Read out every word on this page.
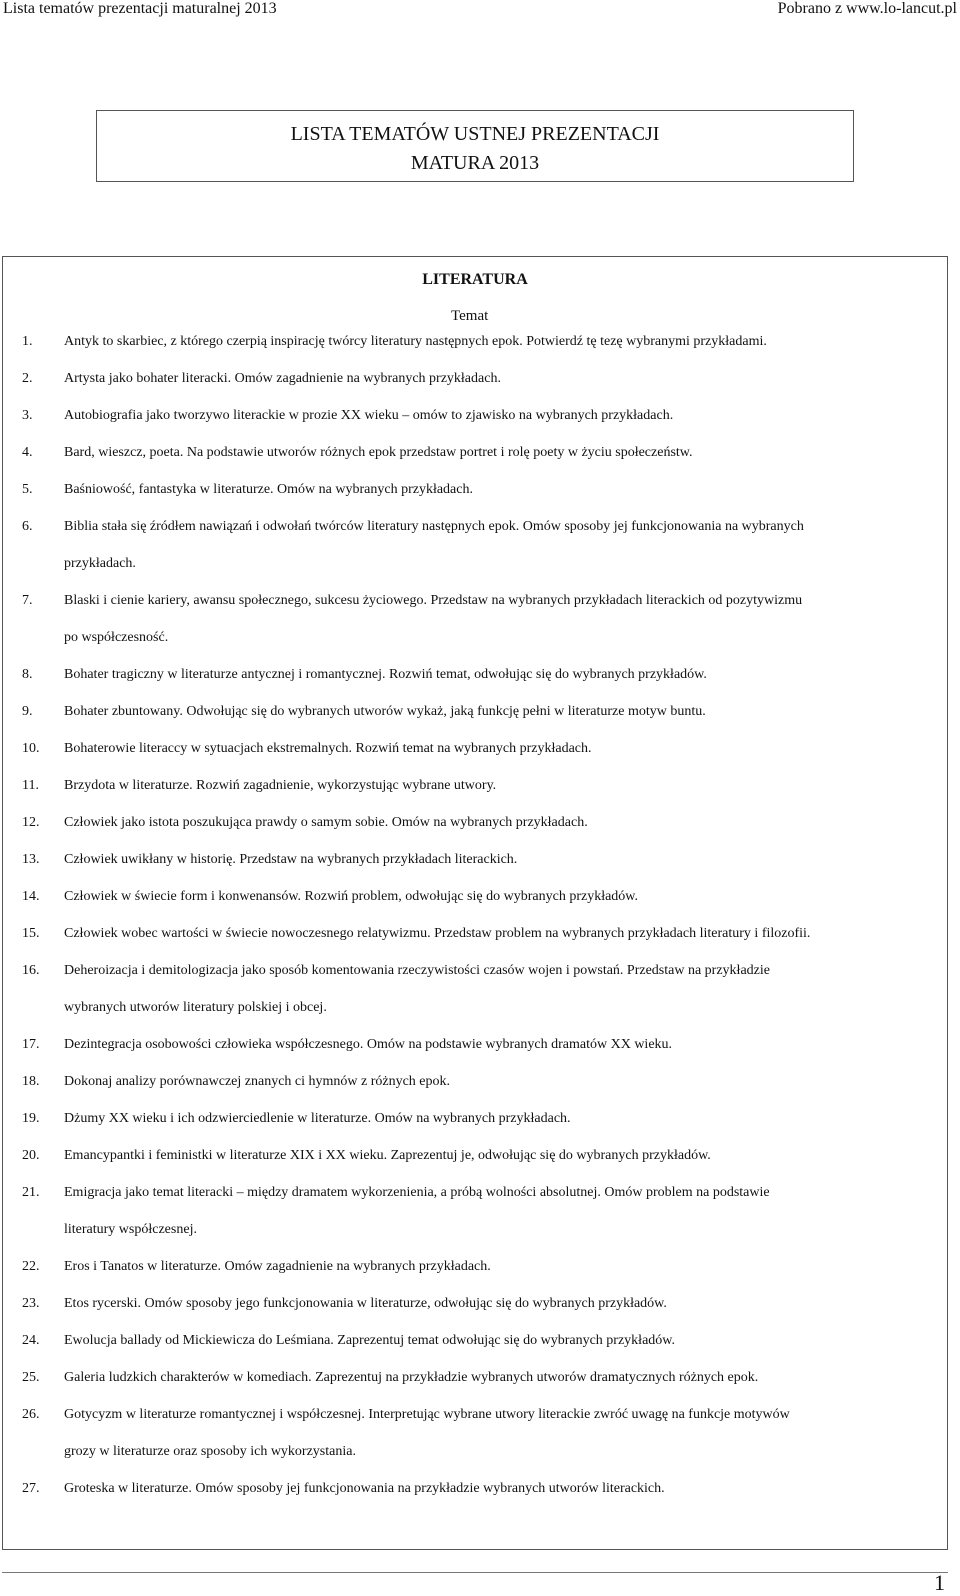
Lista tematów prezentacji maturalnej 2013	Pobrano z www.lo-lancut.pl
LISTA TEMATÓW USTNEJ PREZENTACJI
MATURA 2013
LITERATURA
Temat
1.	Antyk to skarbiec, z którego czerpią inspirację twórcy literatury następnych epok. Potwierdź tę tezę wybranymi przykładami.
2.	Artysta jako bohater literacki. Omów zagadnienie na wybranych przykładach.
3.	Autobiografia jako tworzywo literackie w prozie XX wieku – omów to zjawisko na wybranych przykładach.
4.	Bard, wieszcz, poeta. Na podstawie utworów różnych epok przedstaw portret i rolę poety w życiu społeczeństw.
5.	Baśniowość, fantastyka w literaturze. Omów na wybranych przykładach.
6.	Biblia stała się źródłem nawiązań i odwołań twórców literatury następnych epok. Omów sposoby jej funkcjonowania na wybranych
przykładach.
7.	Blaski i cienie kariery, awansu społecznego, sukcesu życiowego. Przedstaw na wybranych przykładach literackich od pozytywizmu
po współczesność.
8.	Bohater tragiczny w literaturze antycznej i romantycznej. Rozwiń temat, odwołując się do wybranych przykładów.
9.	Bohater zbuntowany. Odwołując się do wybranych utworów wykaż, jaką funkcję pełni w literaturze motyw buntu.
10.	Bohaterowie literaccy w sytuacjach ekstremalnych. Rozwiń temat na wybranych przykładach.
11.	Brzydota w literaturze. Rozwiń zagadnienie, wykorzystując wybrane utwory.
12.	Człowiek jako istota poszukująca prawdy o samym sobie. Omów na wybranych przykładach.
13.	Człowiek uwikłany w historię. Przedstaw na wybranych przykładach literackich.
14.	Człowiek w świecie form i konwenansów. Rozwiń problem, odwołując się do wybranych przykładów.
15.	Człowiek wobec wartości w świecie nowoczesnego relatywizmu. Przedstaw problem na wybranych przykładach literatury i filozofii.
16.	Deheroizacja i demitologizacja jako sposób komentowania rzeczywistości czasów wojen i powstań. Przedstaw na przykładzie
wybranych utworów literatury polskiej i obcej.
17.	Dezintegracja osobowości człowieka współczesnego. Omów na podstawie wybranych dramatów XX wieku.
18.	Dokonaj analizy porównawczej znanych ci hymnów z różnych epok.
19.	Dżumy XX wieku i ich odzwierciedlenie w literaturze. Omów na wybranych przykładach.
20.	Emancypantki i feministki w literaturze XIX i XX wieku. Zaprezentuj je, odwołując się do wybranych przykładów.
21.	Emigracja jako temat literacki – między dramatem wykorzenienia, a próbą wolności absolutnej. Omów problem na podstawie
literatury współczesnej.
22.	Eros i Tanatos w literaturze. Omów zagadnienie na wybranych przykładach.
23.	Etos rycerski. Omów sposoby jego funkcjonowania w literaturze, odwołując się do wybranych przykładów.
24.	Ewolucja ballady od Mickiewicza do Leśmiana. Zaprezentuj temat odwołując się do wybranych przykładów.
25.	Galeria ludzkich charakterów w komediach. Zaprezentuj na przykładzie wybranych utworów dramatycznych różnych epok.
26.	Gotycyzm w literaturze romantycznej i współczesnej. Interpretując wybrane utwory literackie zwróć uwagę na funkcje motywów
grozy w literaturze oraz sposoby ich wykorzystania.
27.	Groteska w literaturze. Omów sposoby jej funkcjonowania na przykładzie wybranych utworów literackich.
1
